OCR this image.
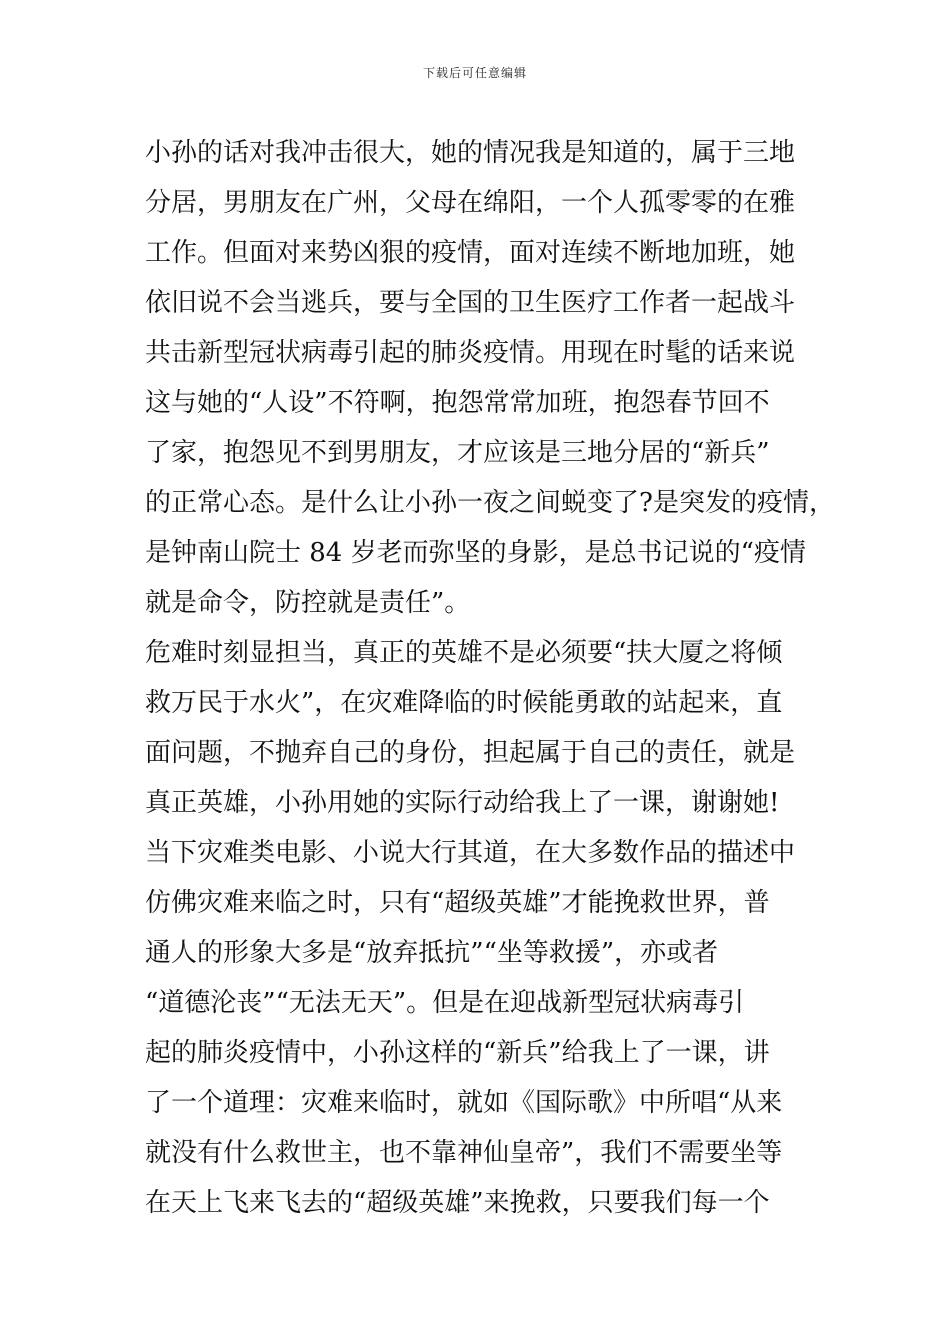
下载后可任意编辑
小孙的话对我冲击很大，她的情况我是知道的，属于三地
分居，男朋友在广州，父母在绵阳，一个人孤零零的在雅
工作。但面对来势凶狠的疫情，面对连续不断地加班，她
依旧说不会当逃兵，要与全国的卫生医疗工作者一起战斗
共击新型冠状病毒引起的肺炎疫情。用现在时髦的话来说
这与她的“人设”不符啊，抱怨常常加班，抱怨春节回不
了家，抱怨见不到男朋友，才应该是三地分居的“新兵”
的正常心态。是什么让小孙一夜之间蜕变了?是突发的疫情，
是钟南山院士 84 岁老而弥坚的身影，是总书记说的“疫情
就是命令，防控就是责任”。
危难时刻显担当，真正的英雄不是必须要“扶大厦之将倾
救万民于水火”，在灾难降临的时候能勇敢的站起来，直
面问题，不抛弃自己的身份，担起属于自己的责任，就是
真正英雄，小孙用她的实际行动给我上了一课，谢谢她!
当下灾难类电影、小说大行其道，在大多数作品的描述中
仿佛灾难来临之时，只有“超级英雄”才能挽救世界，普
通人的形象大多是“放弃抵抗”“坐等救援”，亦或者
“道德沦丧”“无法无天”。但是在迎战新型冠状病毒引
起的肺炎疫情中，小孙这样的“新兵”给我上了一课，讲
了一个道理：灾难来临时，就如《国际歌》中所唱“从来
就没有什么救世主，也不靠神仙皇帝”，我们不需要坐等
在天上飞来飞去的“超级英雄”来挽救，只要我们每一个
